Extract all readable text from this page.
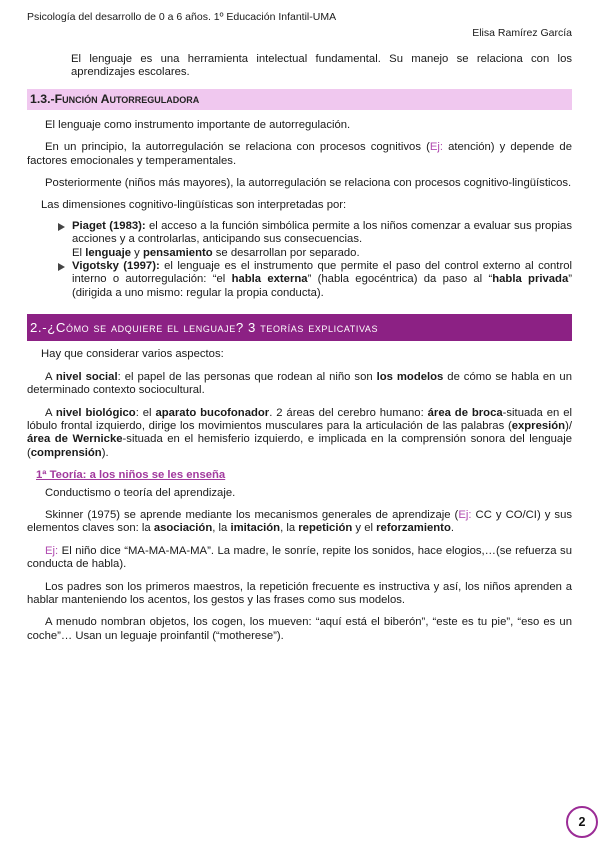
Psicología del desarrollo de 0 a 6 años. 1º Educación Infantil-UMA
Elisa Ramírez García

El lenguaje es una herramienta intelectual fundamental. Su manejo se relaciona con los aprendizajes escolares.

1.3.-Función Autorreguladora

El lenguaje como instrumento importante de autorregulación.

En un principio, la autorregulación se relaciona con procesos cognitivos (Ej: atención) y depende de factores emocionales y temperamentales.

Posteriormente (niños más mayores), la autorregulación se relaciona con procesos cognitivo-lingüísticos.

Las dimensiones cognitivo-lingüísticas son interpretadas por:

Piaget (1983): el acceso a la función simbólica permite a los niños comenzar a evaluar sus propias acciones y a controlarlas, anticipando sus consecuencias.
El lenguaje y pensamiento se desarrollan por separado.
Vigotsky (1997): el lenguaje es el instrumento que permite el paso del control externo al control interno o autorregulación: “el habla externa” (habla egocéntrica) da paso al “habla privada” (dirigida a uno mismo: regular la propia conducta).
2.-¿Cómo se adquiere el lenguaje? 3 teorías explicativas

Hay que considerar varios aspectos:

A nivel social: el papel de las personas que rodean al niño son los modelos de cómo se habla en un determinado contexto sociocultural.

A nivel biológico: el aparato bucofonador. 2 áreas del cerebro humano: área de broca-situada en el lóbulo frontal izquierdo, dirige los movimientos musculares para la articulación de las palabras (expresión)/área de Wernicke-situada en el hemisferio izquierdo, e implicada en la comprensión sonora del lenguaje (comprensión).

1ª Teoría: a los niños se les enseña

Conductismo o teoría del aprendizaje.

Skinner (1975) se aprende mediante los mecanismos generales de aprendizaje (Ej: CC y CO/CI) y sus elementos claves son: la asociación, la imitación, la repetición y el reforzamiento.

Ej: El niño dice “MA-MA-MA-MA”. La madre, le sonríe, repite los sonidos, hace elogios,…(se refuerza su conducta de habla).

Los padres son los primeros maestros, la repetición frecuente es instructiva y así, los niños aprenden a hablar manteniendo los acentos, los gestos y las frases como sus modelos.

A menudo nombran objetos, los cogen, los mueven: “aquí está el biberón”, “este es tu pie”, “eso es un coche”… Usan un leguaje proinfantil (“motherese”).

2
